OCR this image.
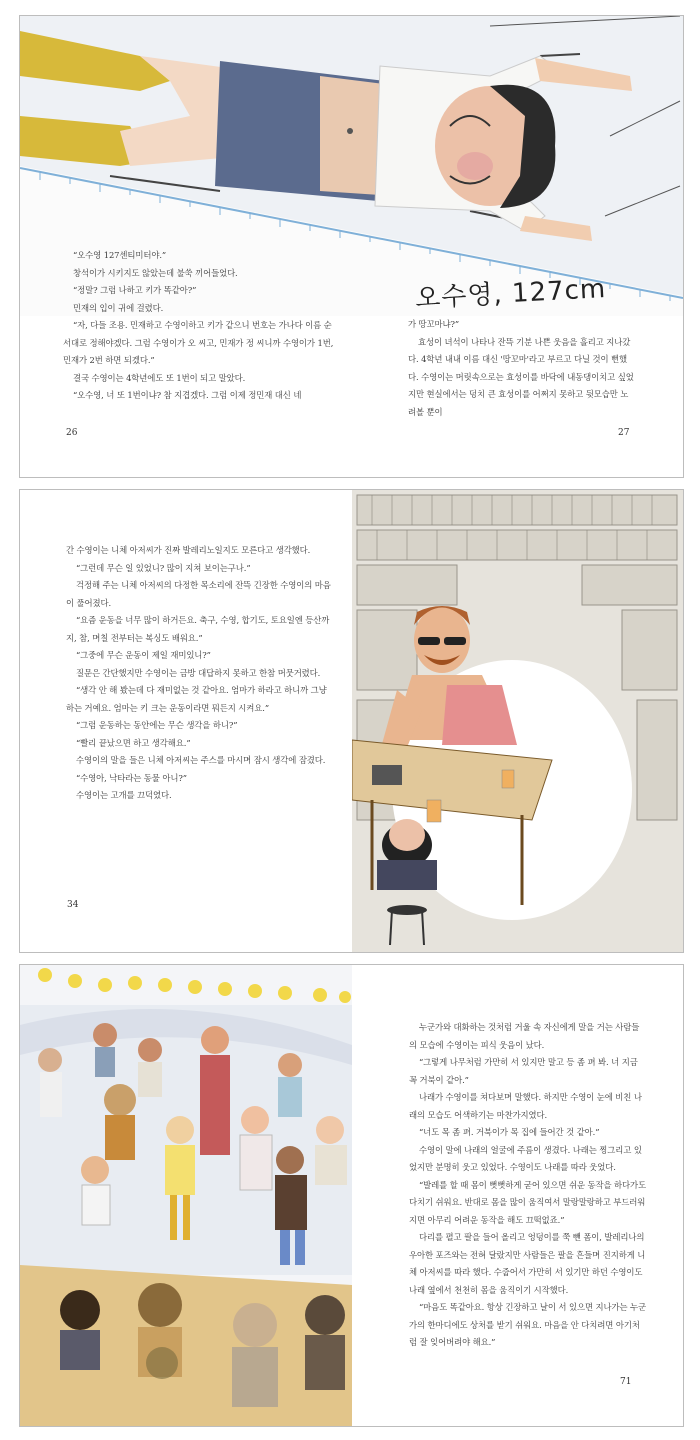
오수영, 127cm

“오수영 127센티미터야.”

창석이가 시키지도 않았는데 불쑥 끼어들었다.

“정말? 그럼 나하고 키가 똑같아?”

민재의 입이 귀에 걸렸다.

“자, 다들 조용. 민재하고 수영이하고 키가 같으니 번호는 가나다 이름 순서대로 정해야겠다. 그럼 수영이가 오 씨고, 민재가 정 씨니까 수영이가 1번, 민재가 2번 하면 되겠다.”

결국 수영이는 4학년에도 또 1번이 되고 말았다.

“오수영, 너 또 1번이냐? 참 지겹겠다. 그럼 이제 정민재 대신 네

26

가 땅꼬마냐?”

효성이 녀석이 나타나 잔뜩 기분 나쁜 웃음을 흘리고 지나갔다. 4학년 내내 이름 대신 '땅꼬마'라고 부르고 다닐 것이 뻔했다. 수영이는 머릿속으로는 효성이를 바닥에 내동댕이치고 싶었지만 현실에서는 덩치 큰 효성이를 어쩌지 못하고 뒷모습만 노려볼 뿐이

27

간 수영이는 니체 아저씨가 진짜 발레리노일지도 모른다고 생각했다.

“그런데 무슨 일 있었니? 많이 지쳐 보이는구나.”

걱정해 주는 니체 아저씨의 다정한 목소리에 잔뜩 긴장한 수영이의 마음이 풀어졌다.

“요즘 운동을 너무 많이 하거든요. 축구, 수영, 합기도, 토요일엔 등산까지, 참, 며칠 전부터는 복싱도 배워요.”

“그중에 무슨 운동이 제일 재미있니?”

질문은 간단했지만 수영이는 금방 대답하지 못하고 한참 머뭇거렸다.

“생각 안 해 봤는데 다 재미없는 것 같아요. 엄마가 하라고 하니까 그냥 하는 거예요. 엄마는 키 크는 운동이라면 뭐든지 시켜요.”

“그럼 운동하는 동안에는 무슨 생각을 하니?”

“빨리 끝났으면 하고 생각해요.”

수영이의 말을 들은 니체 아저씨는 주스를 마시며 잠시 생각에 잠겼다.

“수영아, 낙타라는 동물 아니?”

수영이는 고개를 끄덕였다.

34

누군가와 대화하는 것처럼 거울 속 자신에게 말을 거는 사람들의 모습에 수영이는 피식 웃음이 났다.

“그렇게 나무처럼 가만히 서 있지만 말고 등 좀 펴 봐. 너 지금 꼭 거북이 같아.”

나래가 수영이를 쳐다보며 말했다. 하지만 수영이 눈에 비친 나래의 모습도 어색하기는 마찬가지였다.

“너도 목 좀 펴. 거북이가 목 집에 들어간 것 같아.”

수영이 말에 나래의 얼굴에 주름이 생겼다. 나래는 찡그리고 있었지만 분명히 웃고 있었다. 수영이도 나래를 따라 웃었다.

“발레를 할 때 몸이 뻣뻣하게 굳어 있으면 쉬운 동작을 하다가도 다치기 쉬워요. 반대로 몸을 많이 움직여서 말랑말랑하고 부드러워지면 아무리 어려운 동작을 해도 끄떡없죠.”

다리를 펼고 팔을 들어 올리고 엉덩이를 쭉 뺀 폼이, 발레리나의 우아한 포즈와는 전혀 달랐지만 사람들은 팔을 흔들며 진지하게 니체 아저씨를 따라 했다. 수줍어서 가만히 서 있기만 하던 수영이도 나래 옆에서 천천히 몸을 움직이기 시작했다.

“마음도 똑같아요. 항상 긴장하고 날이 서 있으면 지나가는 누군가의 한마디에도 상처를 받기 쉬워요. 마음을 안 다치려면 아기처럼 잘 잊어버려야 해요.”

71
